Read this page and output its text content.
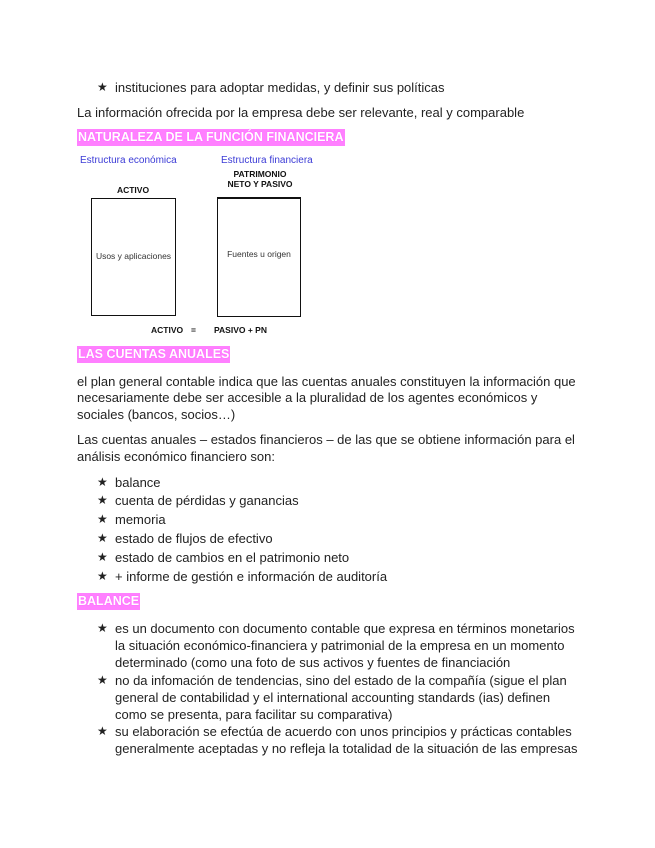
★ instituciones para adoptar medidas, y definir sus políticas
La información ofrecida por la empresa debe ser relevante, real y comparable
NATURALEZA DE LA FUNCIÓN FINANCIERA
Estructura económica	Estructura financiera
PATRIMONIO
NETO Y PASIVO
ACTIVO
Usos y aplicaciones	Fuentes u origen
ACTIVO = PASIVO + PN
LAS CUENTAS ANUALES
el plan general contable indica que las cuentas anuales constituyen la información que
necesariamente debe ser accesible a la pluralidad de los agentes económicos y
sociales (bancos, socios…)
Las cuentas anuales – estados financieros – de las que se obtiene información para el
análisis económico financiero son:
★ balance
★ cuenta de pérdidas y ganancias
★ memoria
★ estado de flujos de efectivo
★ estado de cambios en el patrimonio neto
★ + informe de gestión e información de auditoría
BALANCE
★ es un documento con documento contable que expresa en términos monetarios
la situación económico-financiera y patrimonial de la empresa en un momento
determinado (como una foto de sus activos y fuentes de financiación
★ no da infomación de tendencias, sino del estado de la compañía (sigue el plan
general de contabilidad y el international accounting standards (ias) definen
como se presenta, para facilitar su comparativa)
★ su elaboración se efectúa de acuerdo con unos principios y prácticas contables
generalmente aceptadas y no refleja la totalidad de la situación de las empresas
